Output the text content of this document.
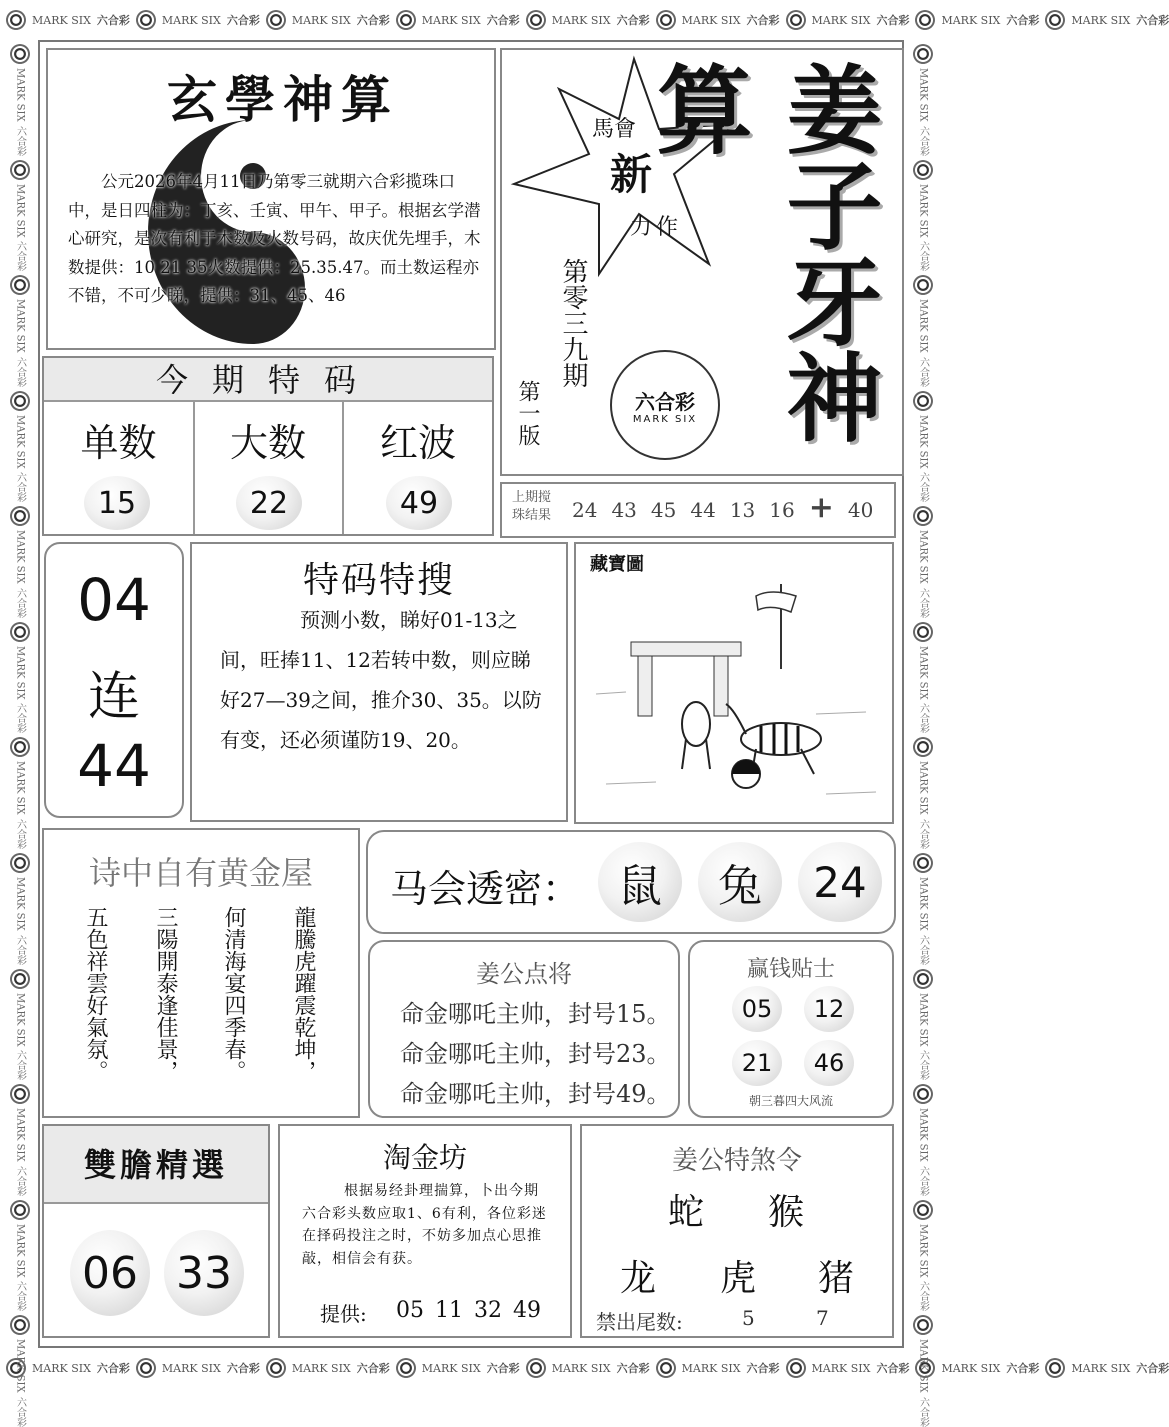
MARK SIX 六合彩	MARK SIX 六合彩	MARK SIX 六合彩	MARK SIX 六合彩	MARK SIX 六合彩	MARK SIX 六合彩	MARK SIX 六合彩	MARK SIX 六合彩	MARK SIX 六合彩
MARK SIX 六合彩	MARK SIX 六合彩	MARK SIX 六合彩	MARK SIX 六合彩	MARK SIX 六合彩	MARK SIX 六合彩	MARK SIX 六合彩	MARK SIX 六合彩	MARK SIX 六合彩
MARK SIX
六合彩
MARK SIX
六合彩
MARK SIX
六合彩
MARK SIX
六合彩
MARK SIX
六合彩
MARK SIX
六合彩
MARK SIX
六合彩
MARK SIX
六合彩
MARK SIX
六合彩
MARK SIX
六合彩
MARK SIX
六合彩
MARK SIX
六合彩
MARK SIX
六合彩
MARK SIX
六合彩
MARK SIX
六合彩
MARK SIX
六合彩
MARK SIX
六合彩
MARK SIX
六合彩
MARK SIX
六合彩
MARK SIX
六合彩
MARK SIX
六合彩
MARK SIX
六合彩
MARK SIX
六合彩
MARK SIX
六合彩
玄學神算
公元2026年4月11日乃第零三就期六合彩揽珠口中，是日四柱为：丁亥、壬寅、甲午、甲子。根据玄学潜心研究，是次有利于木数及火数号码，故庆优先埋手，木数提供：10 21 35火数提供：25.35.47。而土数运程亦不错，不可少睇，提供：31、45、46
馬會
新
力作
第零三九期
第一版	六合彩
MARK SIX 姜子牙神算
今期特码
单数	大数	红波
15	22	49	上期搅
珠结果 24 43 45 44 13 16 + 40
04
连
44
特码特搜
预测小数，睇好01-13之间，旺捧11、12若转中数，则应睇好27—39之间，推介30、35。以防有变，还必须谨防19、20。
藏寶圖
诗中自有黄金屋
五色祥雲好氣氛。 三陽開泰逢佳景， 何清海宴四季春。 龍騰虎躍震乾坤，
马会透密： 鼠	兔	24
姜公点将
命金哪吒主帅，封号15。
命金哪吒主帅，封号23。
命金哪吒主帅，封号49。
赢钱贴士
05	12
21	46
朝三暮四大风流
雙膽精選
06 33
淘金坊
根据易经卦理揣算，卜出今期六合彩头数应取1、6有利，各位彩迷在择码投注之时，不妨多加点心思推敲，相信会有获。
提供: 05 11 32 49
姜公特煞令
蛇 猴
龙 虎 猪
禁出尾数:	5	7
